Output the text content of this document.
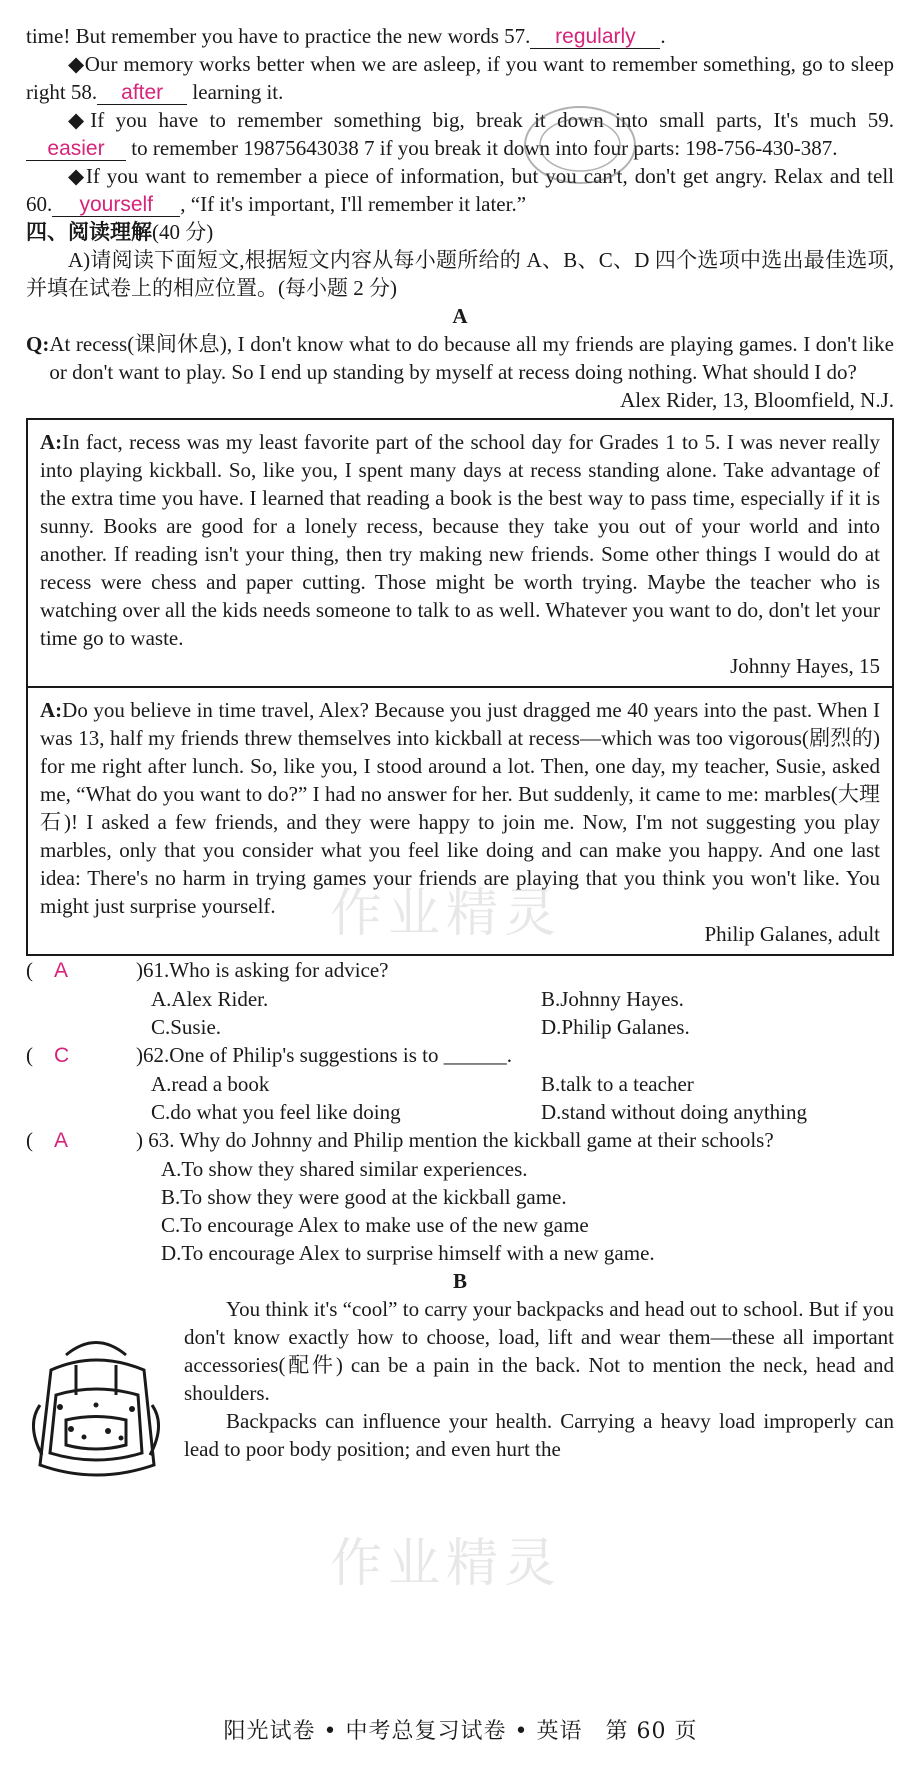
time! But remember you have to practice the new words 57. regularly .

◆Our memory works better when we are asleep, if you want to remember something, go to sleep right 58. after learning it.

◆If you have to remember something big, break it down into small parts, It's much 59.easier to remember 19875643038 7 if you break it down into four parts: 198-756-430-387.

◆If you want to remember a piece of information, but you can't, don't get angry. Relax and tell 60. yourself , “If it's important, I'll remember it later.”

四、阅读理解(40 分)

A)请阅读下面短文,根据短文内容从每小题所给的 A、B、C、D 四个选项中选出最佳选项,并填在试卷上的相应位置。(每小题 2 分)

A

Q: At recess(课间休息), I don't know what to do because all my friends are playing games. I don't like or don't want to play. So I end up standing by myself at recess doing nothing. What should I do?

Alex Rider, 13, Bloomfield, N.J.

A:In fact, recess was my least favorite part of the school day for Grades 1 to 5. I was never really into playing kickball. So, like you, I spent many days at recess standing alone. Take advantage of the extra time you have. I learned that reading a book is the best way to pass time, especially if it is sunny. Books are good for a lonely recess, because they take you out of your world and into another. If reading isn't your thing, then try making new friends. Some other things I would do at recess were chess and paper cutting. Those might be worth trying. Maybe the teacher who is watching over all the kids needs someone to talk to as well. Whatever you want to do, don't let your time go to waste.

Johnny Hayes, 15

A:Do you believe in time travel, Alex? Because you just dragged me 40 years into the past. When I was 13, half my friends threw themselves into kickball at recess—which was too vigorous(剧烈的) for me right after lunch. So, like you, I stood around a lot. Then, one day, my teacher, Susie, asked me, “What do you want to do?” I had no answer for her. But suddenly, it came to me: marbles(大理石)! I asked a few friends, and they were happy to join me. Now, I'm not suggesting you play marbles, only that you consider what you feel like doing and can make you happy. And one last idea: There's no harm in trying games your friends are playing that you think you won't like. You might just surprise yourself.

Philip Galanes, adult

(    A	)61.Who is asking for advice?

A.Alex Rider.	B.Johnny Hayes.
C.Susie.	D.Philip Galanes.

(    C	)62.One of Philip's suggestions is to ______.

A.read a book	B.talk to a teacher
C.do what you feel like doing	D.stand without doing anything
(    A	) 63. Why do Johnny and Philip mention the kickball game at their schools?

A.To show they shared similar experiences.

B.To show they were good at the kickball game.

C.To encourage Alex to make use of the new game

D.To encourage Alex to surprise himself with a new game.

B

You think it's “cool” to carry your backpacks and head out to school. But if you don't know exactly how to choose, load, lift and wear them—these all important accessories(配件) can be a pain in the back. Not to mention the neck, head and shoulders.

Backpacks can influence your health. Carrying a heavy load improperly can lead to poor body position; and even hurt the

作业精灵
作业精灵
阳光试卷 • 中考总复习试卷 • 英语　第 60 页
